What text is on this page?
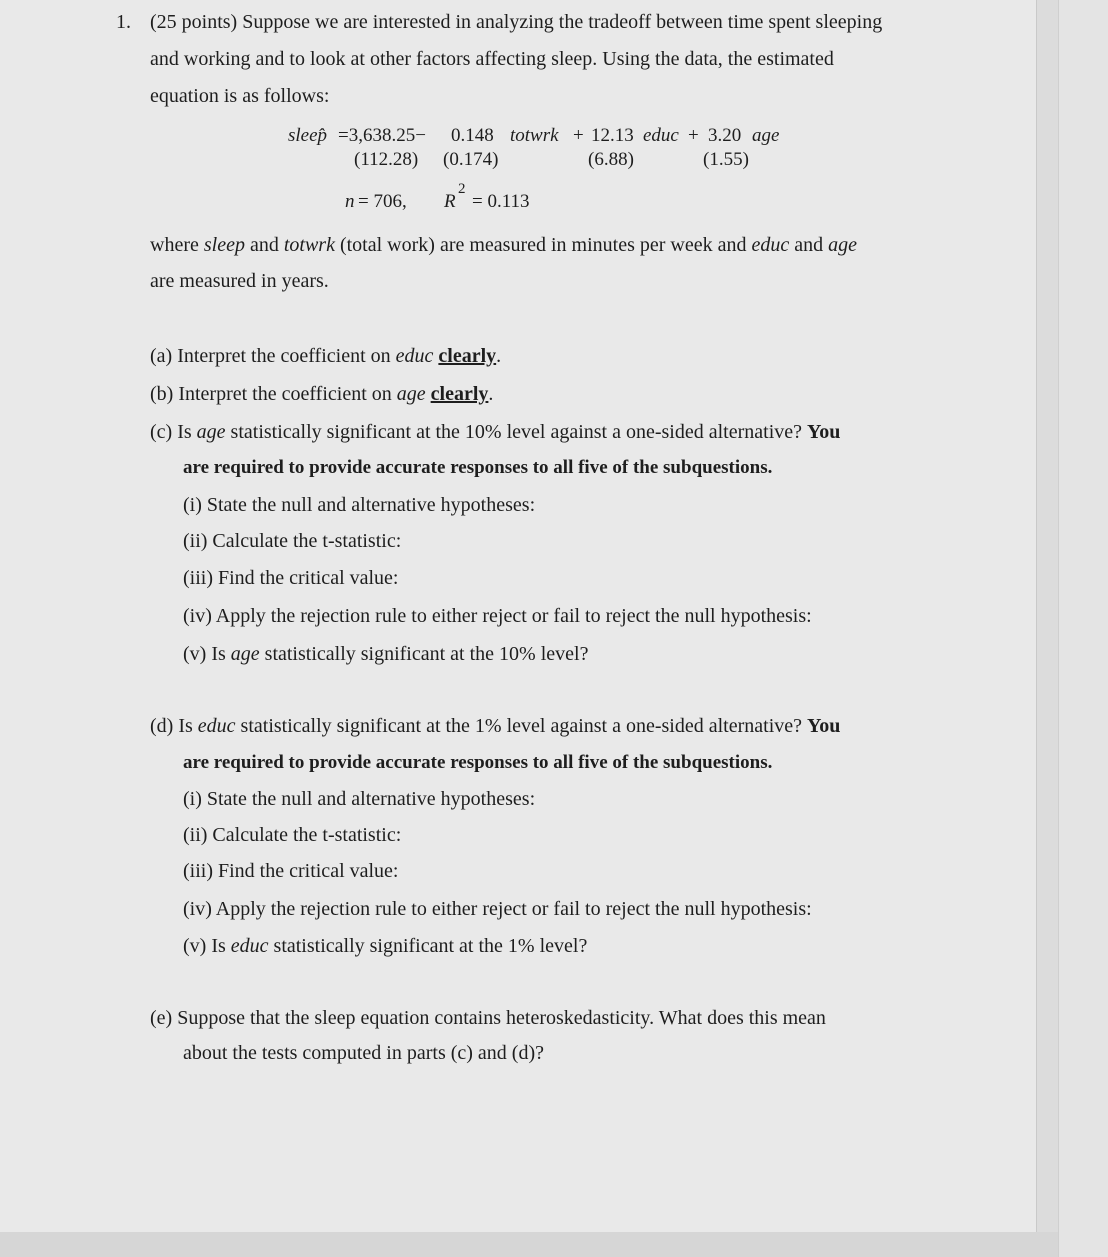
1. (25 points) Suppose we are interested in analyzing the tradeoff between time spent sleeping
and working and to look at other factors affecting sleep. Using the data, the estimated
equation is as follows:
sleep̂ =3,638.25− 0.148 totwrk + 12.13 educ + 3.20 age
(112.28) (0.174)	(6.88)	(1.55)
n = 706, R
2
= 0.113
where sleep and totwrk (total work) are measured in minutes per week and educ and age
are measured in years.
(a) Interpret the coefficient on educ clearly.
(b) Interpret the coefficient on age clearly.
(c) Is age statistically significant at the 10% level against a one-sided alternative? You
are required to provide accurate responses to all five of the subquestions.
(i) State the null and alternative hypotheses:
(ii) Calculate the t-statistic:
(iii) Find the critical value:
(iv) Apply the rejection rule to either reject or fail to reject the null hypothesis:
(v) Is age statistically significant at the 10% level?
(d) Is educ statistically significant at the 1% level against a one-sided alternative? You
are required to provide accurate responses to all five of the subquestions.
(i) State the null and alternative hypotheses:
(ii) Calculate the t-statistic:
(iii) Find the critical value:
(iv) Apply the rejection rule to either reject or fail to reject the null hypothesis:
(v) Is educ statistically significant at the 1% level?
(e) Suppose that the sleep equation contains heteroskedasticity. What does this mean
about the tests computed in parts (c) and (d)?
